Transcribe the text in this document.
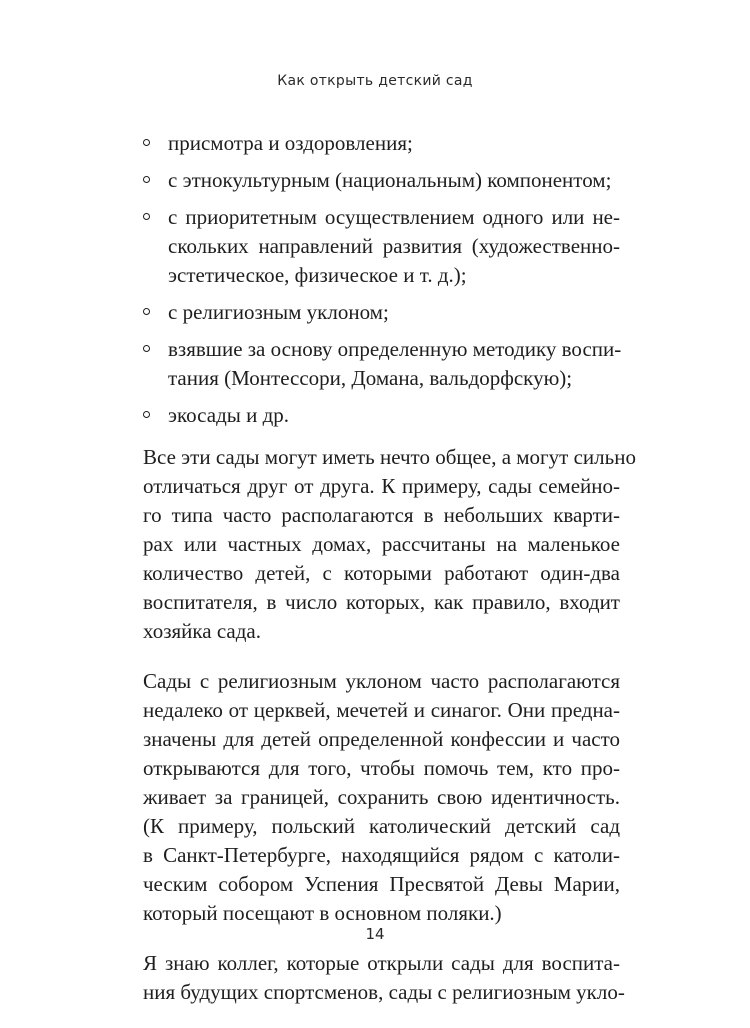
Как открыть детский сад
присмотра и оздоровления;
с этнокультурным (национальным) компонентом;
с приоритетным осуществлением одного или не-
скольких направлений развития (художественно-
эстетическое, физическое и т. д.);
с религиозным уклоном;
взявшие за основу определенную методику воспи-
тания (Монтессори, Домана, вальдорфскую);
экосады и др.

Все эти сады могут иметь нечто общее, а могут сильно
отличаться друг от друга. К примеру, сады семейно-
го типа часто располагаются в небольших кварти-
рах или частных домах, рассчитаны на маленькое
количество детей, с которыми работают один-два
воспитателя, в число которых, как правило, входит
хозяйка сада.

Сады с религиозным уклоном часто располагаются
недалеко от церквей, мечетей и синагог. Они предна-
значены для детей определенной конфессии и часто
открываются для того, чтобы помочь тем, кто про-
живает за границей, сохранить свою идентичность.
(К примеру, польский католический детский сад
в Санкт-Петербурге, находящийся рядом с католи-
ческим собором Успения Пресвятой Девы Марии,
который посещают в основном поляки.)

Я знаю коллег, которые открыли сады для воспита-
ния будущих спортсменов, сады с религиозным укло-

14
